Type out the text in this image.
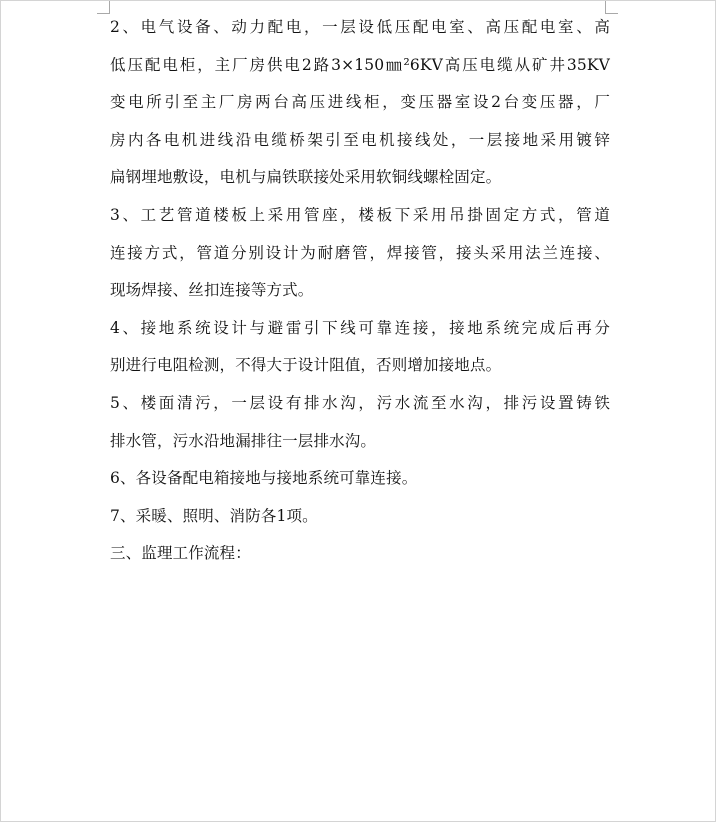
2、电气设备、动力配电，一层设低压配电室、高压配电室、高
低压配电柜，主厂房供电2路3×150㎜²6KV高压电缆从矿井35KV
变电所引至主厂房两台高压进线柜，变压器室设2台变压器，厂
房内各电机进线沿电缆桥架引至电机接线处，一层接地采用镀锌
扁钢埋地敷设，电机与扁铁联接处采用软铜线螺栓固定。

3、工艺管道楼板上采用管座，楼板下采用吊掛固定方式，管道
连接方式，管道分别设计为耐磨管，焊接管，接头采用法兰连接、
现场焊接、丝扣连接等方式。

4、接地系统设计与避雷引下线可靠连接，接地系统完成后再分
别进行电阻检测，不得大于设计阻值，否则增加接地点。

5、楼面清污，一层设有排水沟，污水流至水沟，排污设置铸铁
排水管，污水沿地漏排往一层排水沟。

6、各设备配电箱接地与接地系统可靠连接。

7、采暖、照明、消防各1项。

三、监理工作流程：
